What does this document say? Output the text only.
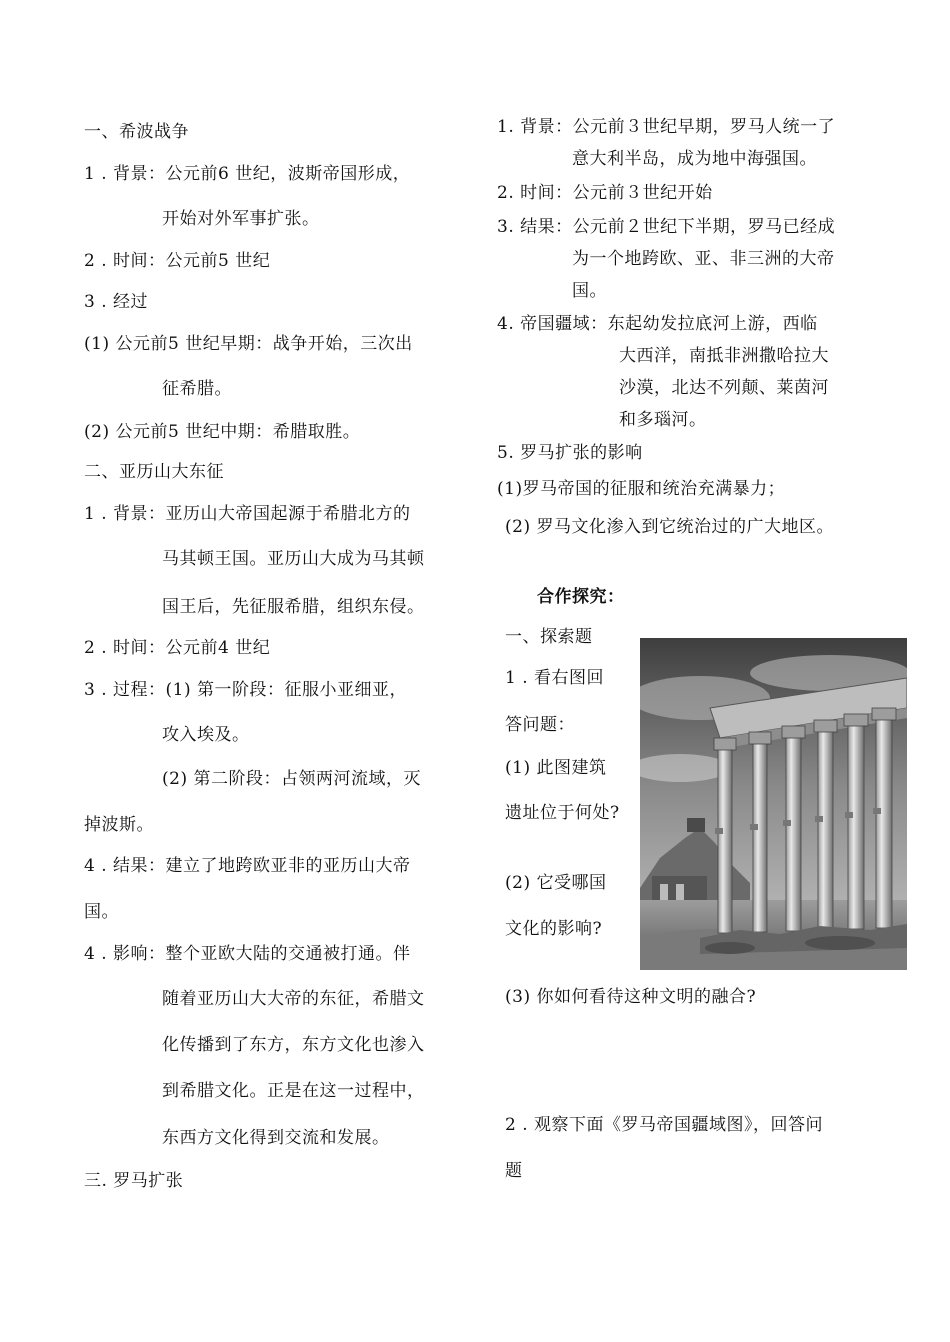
一、希波战争
1 . 背景：公元前6 世纪，波斯帝国形成，
开始对外军事扩张。
2 . 时间：公元前5 世纪
3 . 经过
(1) 公元前5 世纪早期：战争开始，三次出
征希腊。
(2) 公元前5 世纪中期：希腊取胜。
二、亚历山大东征
1 . 背景：亚历山大帝国起源于希腊北方的
马其顿王国。亚历山大成为马其顿
国王后，先征服希腊，组织东侵。
2 . 时间：公元前4 世纪
3 . 过程：(1) 第一阶段：征服小亚细亚，
攻入埃及。
(2) 第二阶段：占领两河流域，灭
掉波斯。
4 . 结果：建立了地跨欧亚非的亚历山大帝
国。
4 . 影响：整个亚欧大陆的交通被打通。伴
随着亚历山大大帝的东征，希腊文
化传播到了东方，东方文化也渗入
到希腊文化。正是在这一过程中，
东西方文化得到交流和发展。
三. 罗马扩张
1. 背景：公元前３世纪早期，罗马人统一了
意大利半岛，成为地中海强国。
2. 时间：公元前３世纪开始
3. 结果：公元前２世纪下半期，罗马已经成
为一个地跨欧、亚、非三洲的大帝
国。
4. 帝国疆域：东起幼发拉底河上游，西临
大西洋，南抵非洲撒哈拉大
沙漠，北达不列颠、莱茵河
和多瑙河。
5. 罗马扩张的影响
(1)罗马帝国的征服和统治充满暴力；
(2) 罗马文化渗入到它统治过的广大地区。
合作探究：
一、探索题
1 . 看右图回
答问题：
(1) 此图建筑
遗址位于何处?
(2) 它受哪国
文化的影响?
(3) 你如何看待这种文明的融合?
2 . 观察下面《罗马帝国疆域图》，回答问
题
